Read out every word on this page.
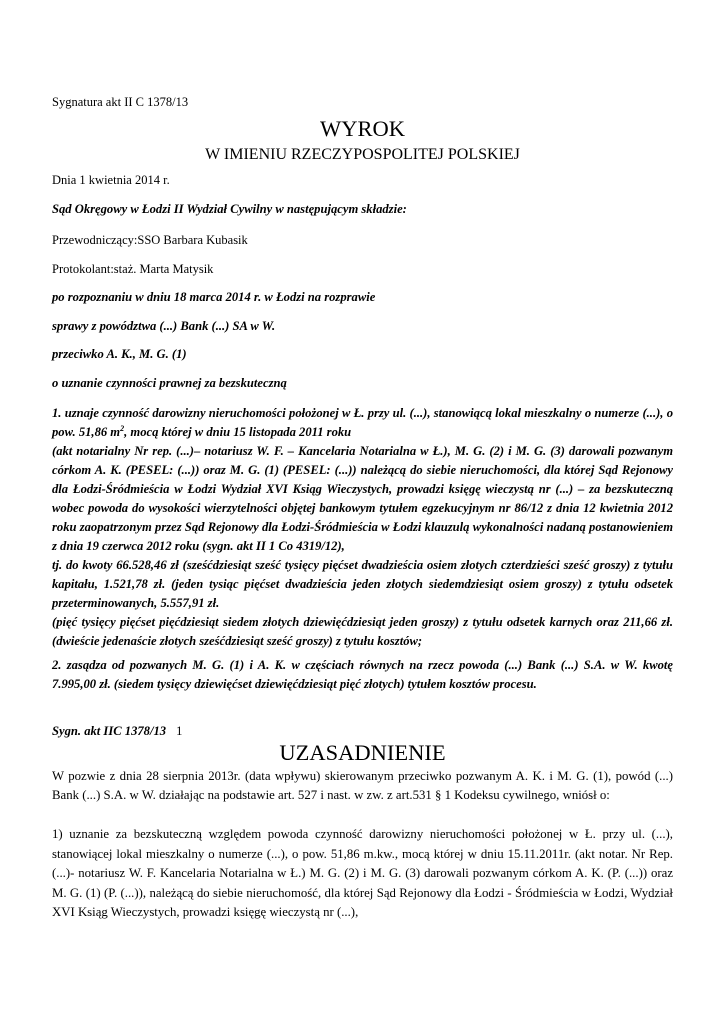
Sygnatura akt II C 1378/13

WYROK
W IMIENIU RZECZYPOSPOLITEJ POLSKIEJ

Dnia 1 kwietnia 2014 r.

Sąd Okręgowy w Łodzi II Wydział Cywilny w następującym składzie:

Przewodniczący:SSO Barbara Kubasik

Protokolant:staż. Marta Matysik

po rozpoznaniu w dniu 18 marca 2014 r. w Łodzi na rozprawie

sprawy z powództwa (...) Bank (...) SA w W.

przeciwko A. K., M. G. (1)

o uznanie czynności prawnej za bezskuteczną

1. uznaje czynność darowizny nieruchomości położonej w Ł. przy ul. (...), stanowiącą lokal mieszkalny o numerze (...), o pow. 51,86 $m^2$, mocą której w dniu 15 listopada 2011 roku
(akt notarialny Nr rep. (...)– notariusz W. F. – Kancelaria Notarialna w Ł.), M. G. (2) i M. G. (3) darowali pozwanym córkom A. K. (PESEL: (...)) oraz M. G. (1) (PESEL: (...)) należącą do siebie nieruchomości, dla której Sąd Rejonowy dla Łodzi-Śródmieścia w Łodzi Wydział XVI Ksiąg Wieczystych, prowadzi księgę wieczystą nr (...) – za bezskuteczną wobec powoda do wysokości wierzytelności objętej bankowym tytułem egzekucyjnym nr 86/12 z dnia 12 kwietnia 2012 roku zaopatrzonym przez Sąd Rejonowy dla Łodzi-Śródmieścia w Łodzi klauzulą wykonalności nadaną postanowieniem z dnia 19 czerwca 2012 roku (sygn. akt II 1 Co 4319/12),
tj. do kwoty 66.528,46 zł (sześćdziesiąt sześć tysięcy pięćset dwadzieścia osiem złotych czterdzieści sześć groszy) z tytułu kapitału, 1.521,78 zł. (jeden tysiąc pięćset dwadzieścia jeden złotych siedemdziesiąt osiem groszy) z tytułu odsetek przeterminowanych, 5.557,91 zł.
(pięć tysięcy pięćset pięćdziesiąt siedem złotych dziewięćdziesiąt jeden groszy) z tytułu odsetek karnych oraz 211,66 zł. (dwieście jedenaście złotych sześćdziesiąt sześć groszy) z tytułu kosztów;

2. zasądza od pozwanych M. G. (1) i A. K. w częściach równych na rzecz powoda (...) Bank (...) S.A. w W. kwotę 7.995,00 zł. (siedem tysięcy dziewięćset dziewięćdziesiąt pięć złotych) tytułem kosztów procesu.

Sygn. akt IIC 1378/13 1

UZASADNIENIE

W pozwie z dnia 28 sierpnia 2013r. (data wpływu) skierowanym przeciwko pozwanym A. K. i M. G. (1), powód (...) Bank (...) S.A. w W. działając na podstawie art. 527 i nast. w zw. z art.531 § 1 Kodeksu cywilnego, wniósł o:

1) uznanie za bezskuteczną względem powoda czynność darowizny nieruchomości położonej w Ł. przy ul. (...), stanowiącej lokal mieszkalny o numerze (...), o pow. 51,86 m.kw., mocą której w dniu 15.11.2011r. (akt notar. Nr Rep. (...)- notariusz W. F. Kancelaria Notarialna w Ł.) M. G. (2) i M. G. (3) darowali pozwanym córkom A. K. (P. (...)) oraz M. G. (1) (P. (...)), należącą do siebie nieruchomość, dla której Sąd Rejonowy dla Łodzi - Śródmieścia w Łodzi, Wydział XVI Ksiąg Wieczystych, prowadzi księgę wieczystą nr (...),
